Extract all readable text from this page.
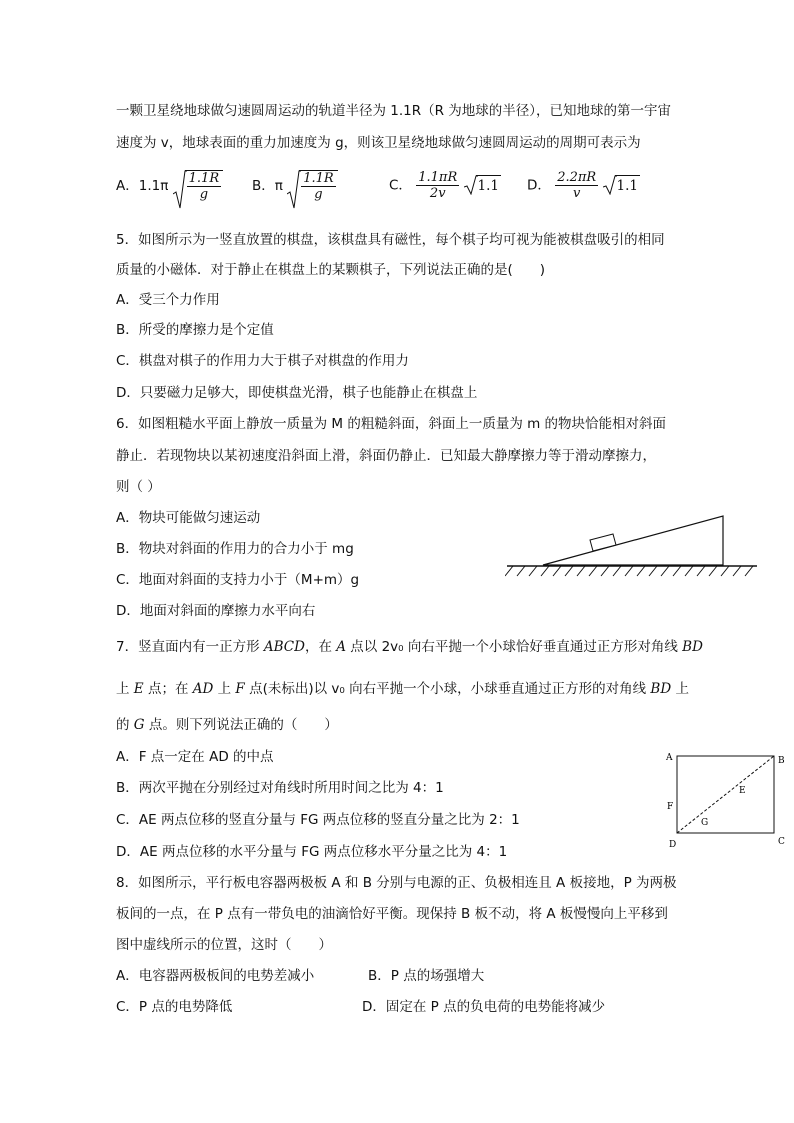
一颗卫星绕地球做匀速圆周运动的轨道半径为 1.1R（R 为地球的半径），已知地球的第一宇宙
速度为 v，地球表面的重力加速度为 g，则该卫星绕地球做匀速圆周运动的周期可表示为
A．$1.1\pi \frac{1.1R}{g}$ B．π $\frac{1.1R}{g}$	C． $\frac{1.1\pi R}{2v}$
1.1 D． $\frac{2.2\pi R}{v}$
1.1
5．如图所示为一竖直放置的棋盘，该棋盘具有磁性，每个棋子均可视为能被棋盘吸引的相同
质量的小磁体．对于静止在棋盘上的某颗棋子，下列说法正确的是(　　)
A．受三个力作用
B．所受的摩擦力是个定值
C．棋盘对棋子的作用力大于棋子对棋盘的作用力
D．只要磁力足够大，即使棋盘光滑，棋子也能静止在棋盘上
6．如图粗糙水平面上静放一质量为 M 的粗糙斜面，斜面上一质量为 m 的物块恰能相对斜面
静止．若现物块以某初速度沿斜面上滑，斜面仍静止．已知最大静摩擦力等于滑动摩擦力，
则（ ）
A．物块可能做匀速运动
B．物块对斜面的作用力的合力小于 mg
C．地面对斜面的支持力小于（M+m）g
D．地面对斜面的摩擦力水平向右
7．竖直面内有一正方形 ABCD，在 A 点以 2v₀ 向右平抛一个小球恰好垂直通过正方形对角线 BD
上 E 点；在 AD 上 F 点(未标出)以 v₀ 向右平抛一个小球，小球垂直通过正方形的对角线 BD 上
的 G 点。则下列说法正确的（　　）
A．F 点一定在 AD 的中点
B．两次平抛在分别经过对角线时所用时间之比为 4：1
C．AE 两点位移的竖直分量与 FG 两点位移的竖直分量之比为 2：1
D．AE 两点位移的水平分量与 FG 两点位移水平分量之比为 4：1
A	B
C
D
E
F
G
8．如图所示，平行板电容器两极板 A 和 B 分别与电源的正、负极相连且 A 板接地，P 为两极
板间的一点，在 P 点有一带负电的油滴恰好平衡。现保持 B 板不动，将 A 板慢慢向上平移到
图中虚线所示的位置，这时（　　）
A．电容器两极板间的电势差减小	B．P 点的场强增大
C．P 点的电势降低	D．固定在 P 点的负电荷的电势能将减少
